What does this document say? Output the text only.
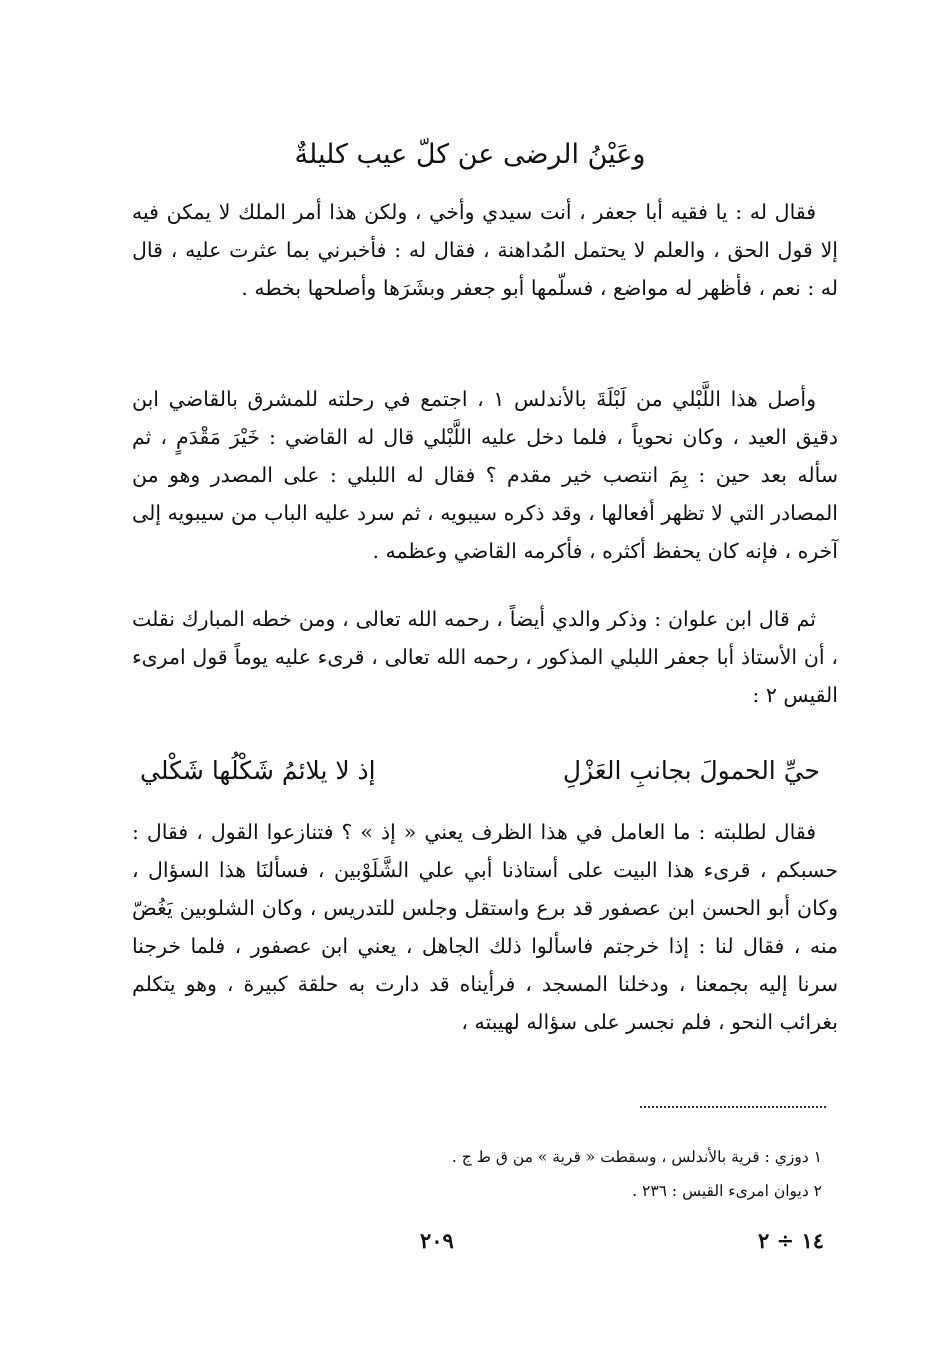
وعَيْنُ الرضى عن كلّ عيب كليلةٌ

فقال له : يا فقيه أبا جعفر ، أنت سيدي وأخي ، ولكن هذا أمر الملك لا يمكن فيه إلا قول الحق ، والعلم لا يحتمل المُداهنة ، فقال له : فأخبرني بما عثرت عليه ، قال له : نعم ، فأظهر له مواضع ، فسلّمها أبو جعفر وبشَرَها وأصلحها بخطه .

وأصل هذا اللَّبْلي من لَبْلَةَ بالأندلس ١ ، اجتمع في رحلته للمشرق بالقاضي ابن دقيق العيد ، وكان نحوياً ، فلما دخل عليه اللَّبْلي قال له القاضي : خَيْرَ مَقْدَمٍ ، ثم سأله بعد حين : بِمَ انتصب خير مقدم ؟ فقال له اللبلي : على المصدر وهو من المصادر التي لا تظهر أفعالها ، وقد ذكره سيبويه ، ثم سرد عليه الباب من سيبويه إلى آخره ، فإنه كان يحفظ أكثره ، فأكرمه القاضي وعظمه .

ثم قال ابن علوان : وذكر والدي أيضاً ، رحمه الله تعالى ، ومن خطه المبارك نقلت ، أن الأستاذ أبا جعفر اللبلي المذكور ، رحمه الله تعالى ، قرىء عليه يوماً قول امرىء القيس ٢ :

حيِّ الحمولَ بجانبِ العَزْلِ
إذ لا يلائمُ شَكْلُها شَكْلي

فقال لطلبته : ما العامل في هذا الظرف يعني « إذ » ؟ فتنازعوا القول ، فقال : حسبكم ، قرىء هذا البيت على أستاذنا أبي علي الشَّلَوْبين ، فسألنَا هذا السؤال ، وكان أبو الحسن ابن عصفور قد برع واستقل وجلس للتدريس ، وكان الشلوبين يَغُضّ منه ، فقال لنا : إذا خرجتم فاسألوا ذلك الجاهل ، يعني ابن عصفور ، فلما خرجنا سرنا إليه بجمعنا ، ودخلنا المسجد ، فرأيناه قد دارت به حلقة كبيرة ، وهو يتكلم بغرائب النحو ، فلم نجسر على سؤاله لهيبته ،

١ دوزي : قرية بالأندلس ، وسقطت « قرية » من ق ط ج .
٢ ديوان امرىء القيس : ٢٣٦ .
١٤ ÷ ٢
٢٠٩
